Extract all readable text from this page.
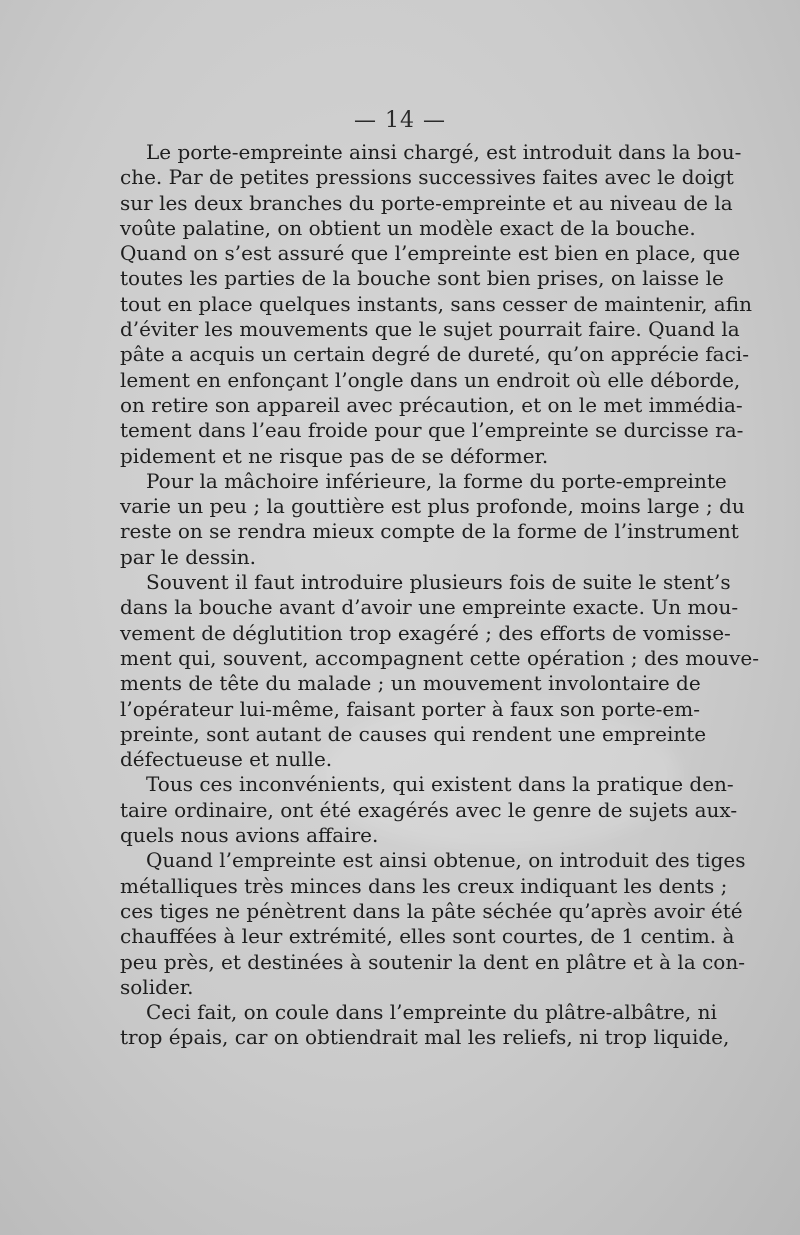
— 14 —
Le porte-empreinte ainsi chargé, est introduit dans la bou-
che. Par de petites pressions successives faites avec le doigt
sur les deux branches du porte-empreinte et au niveau de la
voûte palatine, on obtient un modèle exact de la bouche.
Quand on s’est assuré que l’empreinte est bien en place, que
toutes les parties de la bouche sont bien prises, on laisse le
tout en place quelques instants, sans cesser de maintenir, afin
d’éviter les mouvements que le sujet pourrait faire. Quand la
pâte a acquis un certain degré de dureté, qu’on apprécie faci-
lement en enfonçant l’ongle dans un endroit où elle déborde,
on retire son appareil avec précaution, et on le met immédia-
tement dans l’eau froide pour que l’empreinte se durcisse ra-
pidement et ne risque pas de se déformer.
Pour la mâchoire inférieure, la forme du porte-empreinte
varie un peu ; la gouttière est plus profonde, moins large ; du
reste on se rendra mieux compte de la forme de l’instrument
par le dessin.
Souvent il faut introduire plusieurs fois de suite le stent’s
dans la bouche avant d’avoir une empreinte exacte. Un mou-
vement de déglutition trop exagéré ; des efforts de vomisse-
ment qui, souvent, accompagnent cette opération ; des mouve-
ments de tête du malade ; un mouvement involontaire de
l’opérateur lui-même, faisant porter à faux son porte-em-
preinte, sont autant de causes qui rendent une empreinte
défectueuse et nulle.
Tous ces inconvénients, qui existent dans la pratique den-
taire ordinaire, ont été exagérés avec le genre de sujets aux-
quels nous avions affaire.
Quand l’empreinte est ainsi obtenue, on introduit des tiges
métalliques très minces dans les creux indiquant les dents ;
ces tiges ne pénètrent dans la pâte séchée qu’après avoir été
chauffées à leur extrémité, elles sont courtes, de 1 centim. à
peu près, et destinées à soutenir la dent en plâtre et à la con-
solider.
Ceci fait, on coule dans l’empreinte du plâtre-albâtre, ni
trop épais, car on obtiendrait mal les reliefs, ni trop liquide,
